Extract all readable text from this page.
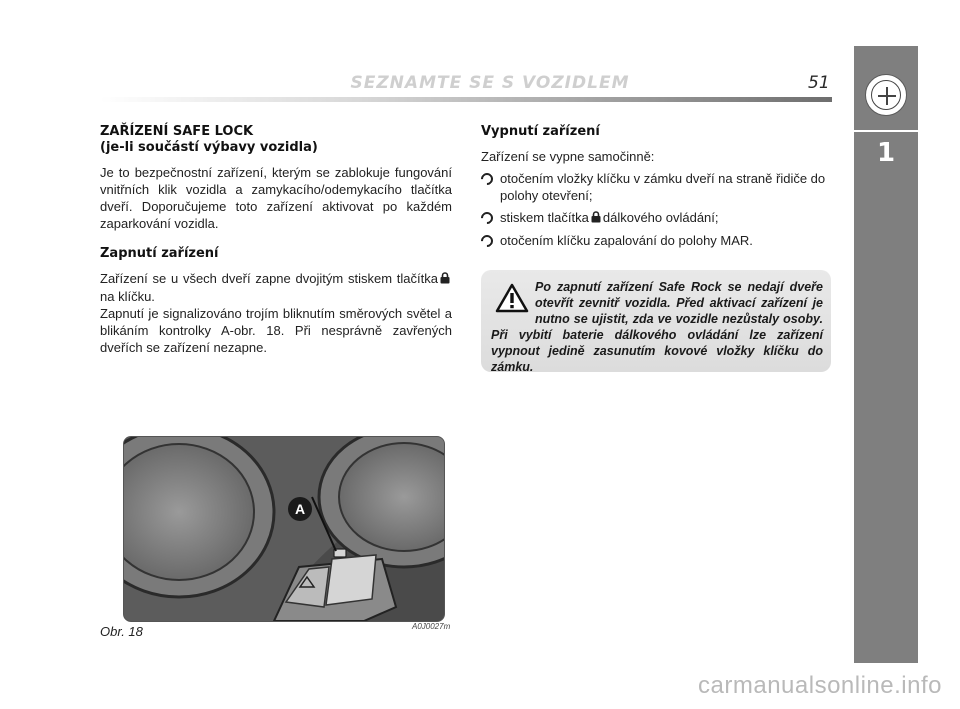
SEZNAMTE SE S VOZIDLEM	51
1
ZAŘÍZENÍ SAFE LOCK
(je-li součástí výbavy vozidla)

Je to bezpečnostní zařízení, kterým se zablokuje fungování vnitřních klik vozidla a zamykacího/odemykacího tlačítka dveří. Doporučujeme toto zařízení aktivovat po každém zaparkování vozidla.

Zapnutí zařízení

Zařízení se u všech dveří zapne dvojitým stiskem tlačítkana klíčku.

Zapnutí je signalizováno trojím bliknutím směrových světel a blikáním kontrolky A-obr. 18. Při nesprávně zavřených dveřích se zařízení nezapne.

Vypnutí zařízení

Zařízení se vypne samočinně:

otočením vložky klíčku v zámku dveří na straně řidiče do polohy otevření;
stiskem tlačítka dálkového ovládání;
otočením klíčku zapalování do polohy MAR.

Po zapnutí zařízení Safe Rock se nedají dveře otevřít zevnitř vozidla. Před aktivací zařízení je nutno se ujistit, zda ve vozidle nezůstaly osoby. Při vybití baterie dálkového ovládání lze zařízení vypnout jedině zasunutím kovové vložky klíčku do zámku.

A
Obr. 18	A0J0027m
carmanualsonline.info
